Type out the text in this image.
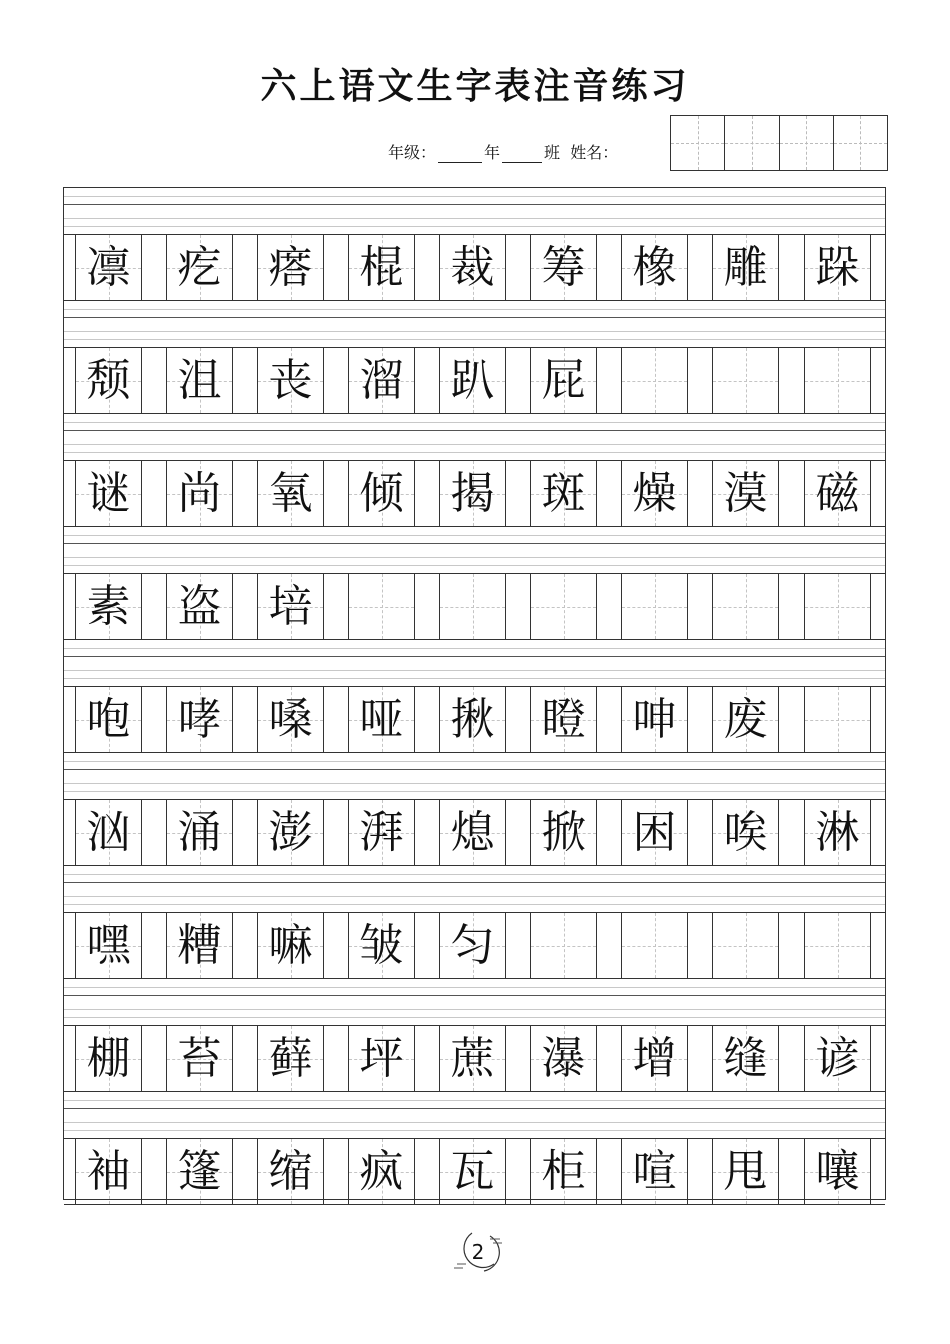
六上语文生字表注音练习
年级：	年	班 姓名：
凛 疙 瘩 棍 裁 筹 橡 雕 跺
颓 沮 丧 溜 趴 屁
谜 尚 氧 倾 揭 斑 燥 漠 磁
素 盗 培
咆 哮 嗓 哑 揪 瞪 呻 废
汹 涌 澎 湃 熄 掀 困 唉 淋
嘿 糟 嘛 皱 匀
棚 苔 藓 坪 蔗 瀑 增 缝 谚
袖 篷 缩 疯 瓦 柜 喧 甩 嚷
2
